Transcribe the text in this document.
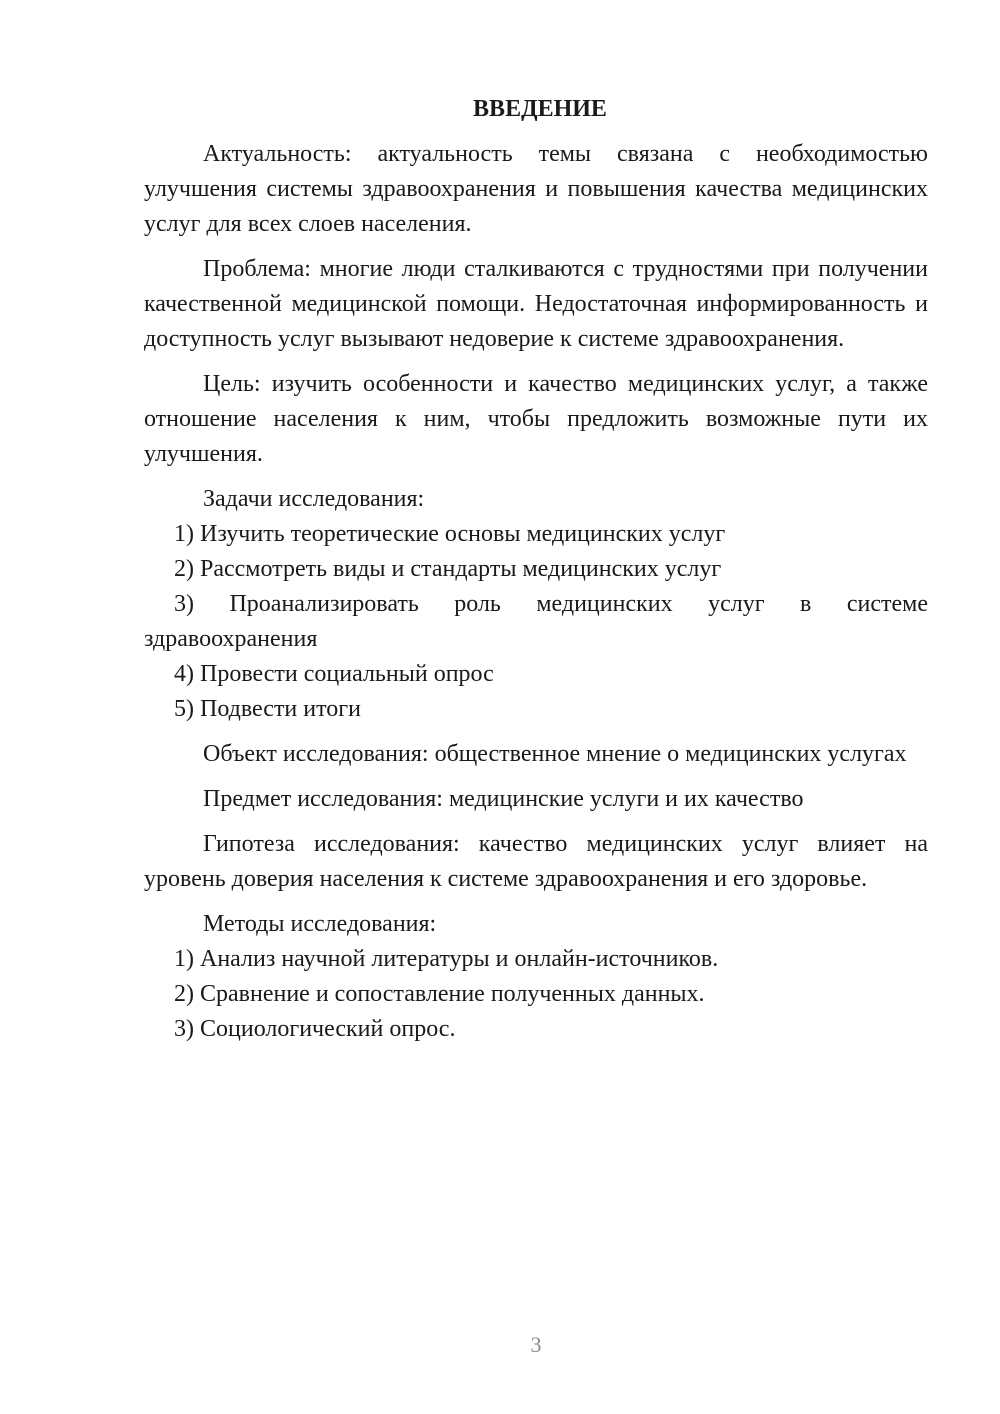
ВВЕДЕНИЕ

Актуальность: актуальность темы связана с необходимостью улучшения системы здравоохранения и повышения качества медицинских услуг для всех слоев населения.

Проблема: многие люди сталкиваются с трудностями при получении качественной медицинской помощи. Недостаточная информированность и доступность услуг вызывают недоверие к системе здравоохранения.

Цель: изучить особенности и качество медицинских услуг, а также отношение населения к ним, чтобы предложить возможные пути их улучшения.

Задачи исследования:

1) Изучить теоретические основы медицинских услуг

2) Рассмотреть виды и стандарты медицинских услуг

3) Проанализировать роль медицинских услуг в системе здравоохранения

4) Провести социальный опрос

5) Подвести итоги

Объект исследования: общественное мнение о медицинских услугах

Предмет исследования: медицинские услуги и их качество

Гипотеза исследования: качество медицинских услуг влияет на уровень доверия населения к системе здравоохранения и его здоровье.

Методы исследования:

1) Анализ научной литературы и онлайн-источников.

2) Сравнение и сопоставление полученных данных.

3) Социологический опрос.

3
